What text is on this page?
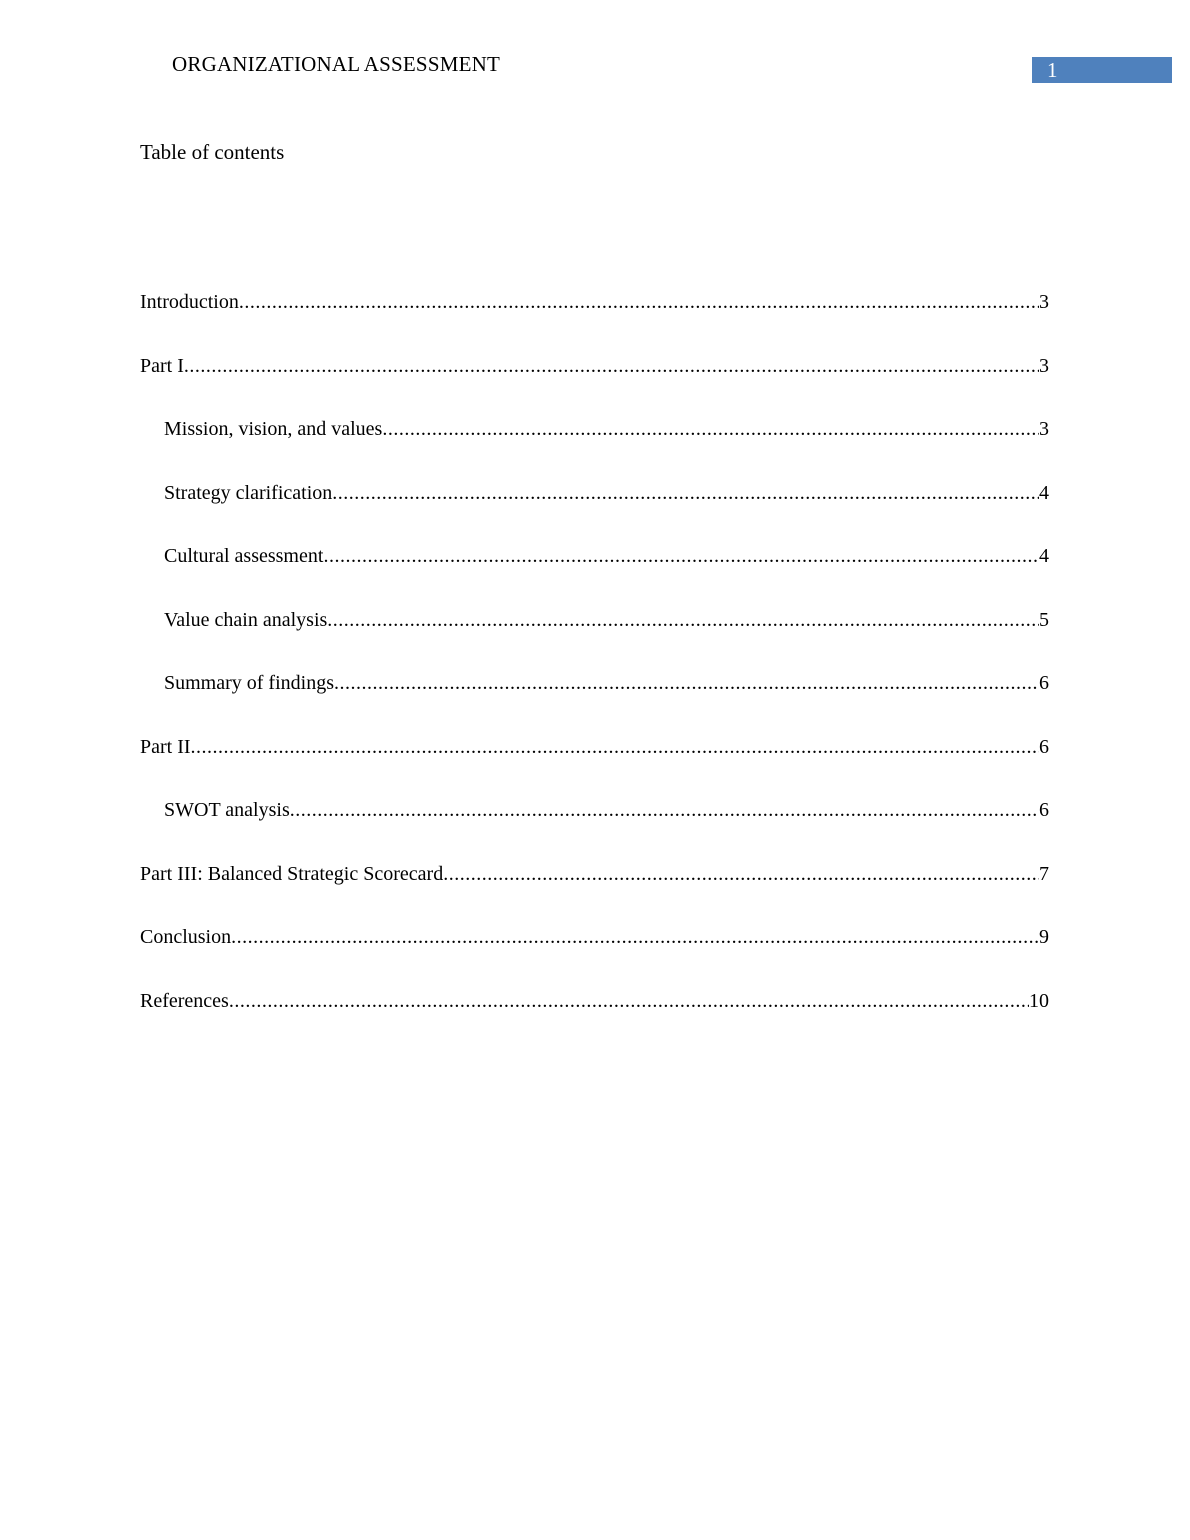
ORGANIZATIONAL ASSESSMENT	1
Table of contents
Introduction .....	3
Part I .....	3
Mission, vision, and values .....	3
Strategy clarification .....	4
Cultural assessment .....	4
Value chain analysis .....	5
Summary of findings .....	6
Part II .....	6
SWOT analysis .....	6
Part III: Balanced Strategic Scorecard .....	7
Conclusion .....	9
References .....	10
